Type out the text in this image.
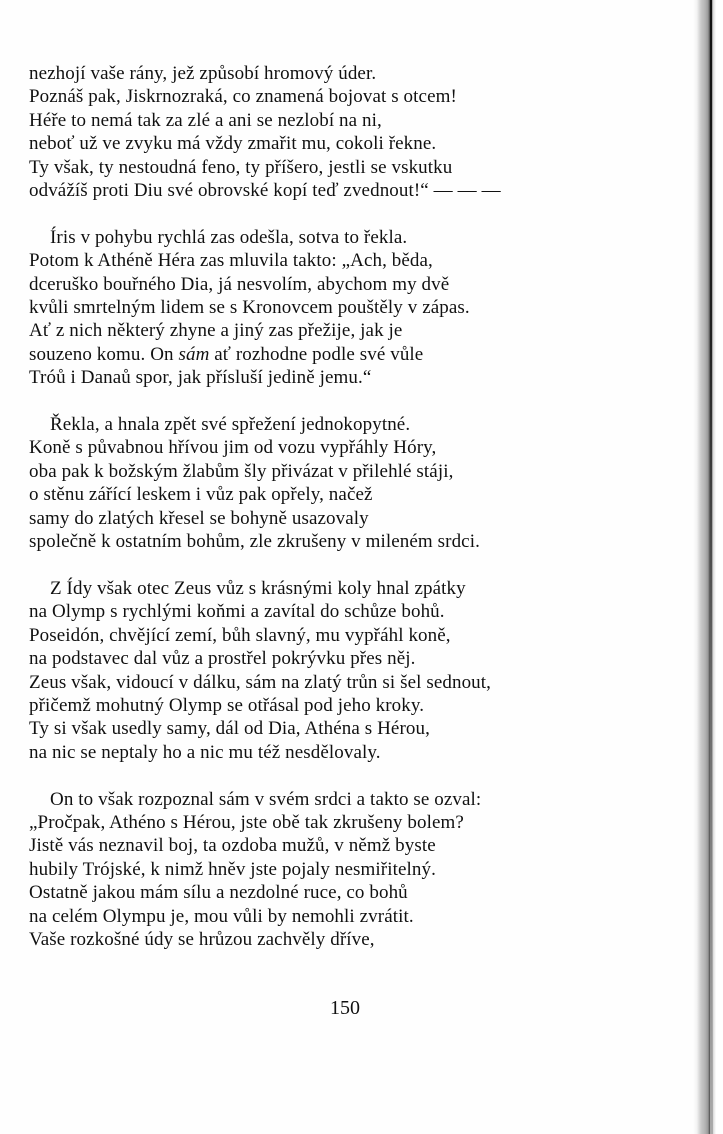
nezhojí vaše rány, jež způsobí hromový úder.
Poznáš pak, Jiskrnozraká, co znamená bojovat s otcem!
Héře to nemá tak za zlé a ani se nezlobí na ni,
neboť už ve zvyku má vždy zmařit mu, cokoli řekne.
Ty však, ty nestoudná feno, ty příšero, jestli se vskutku
odvážíš proti Diu své obrovské kopí teď zvednout!“ — — —
Íris v pohybu rychlá zas odešla, sotva to řekla.
Potom k Athéně Héra zas mluvila takto: „Ach, běda,
dceruško bouřného Dia, já nesvolím, abychom my dvě
kvůli smrtelným lidem se s Kronovcem pouštěly v zápas.
Ať z nich některý zhyne a jiný zas přežije, jak je
souzeno komu. On sám ať rozhodne podle své vůle
Tróů i Danaů spor, jak přísluší jedině jemu.“
Řekla, a hnala zpět své spřežení jednokopytné.
Koně s půvabnou hřívou jim od vozu vypřáhly Hóry,
oba pak k božským žlabům šly přivázat v přilehlé stáji,
o stěnu zářící leskem i vůz pak opřely, načež
samy do zlatých křesel se bohyně usazovaly
společně k ostatním bohům, zle zkrušeny v mileném srdci.
Z Ídy však otec Zeus vůz s krásnými koly hnal zpátky
na Olymp s rychlými koňmi a zavítal do schůze bohů.
Poseidón, chvějící zemí, bůh slavný, mu vypřáhl koně,
na podstavec dal vůz a prostřel pokrývku přes něj.
Zeus však, vidoucí v dálku, sám na zlatý trůn si šel sednout,
přičemž mohutný Olymp se otřásal pod jeho kroky.
Ty si však usedly samy, dál od Dia, Athéna s Hérou,
na nic se neptaly ho a nic mu též nesdělovaly.
On to však rozpoznal sám v svém srdci a takto se ozval:
„Pročpak, Athéno s Hérou, jste obě tak zkrušeny bolem?
Jistě vás neznavil boj, ta ozdoba mužů, v němž byste
hubily Trójské, k nimž hněv jste pojaly nesmiřitelný.
Ostatně jakou mám sílu a nezdolné ruce, co bohů
na celém Olympu je, mou vůli by nemohli zvrátit.
Vaše rozkošné údy se hrůzou zachvěly dříve,
150
